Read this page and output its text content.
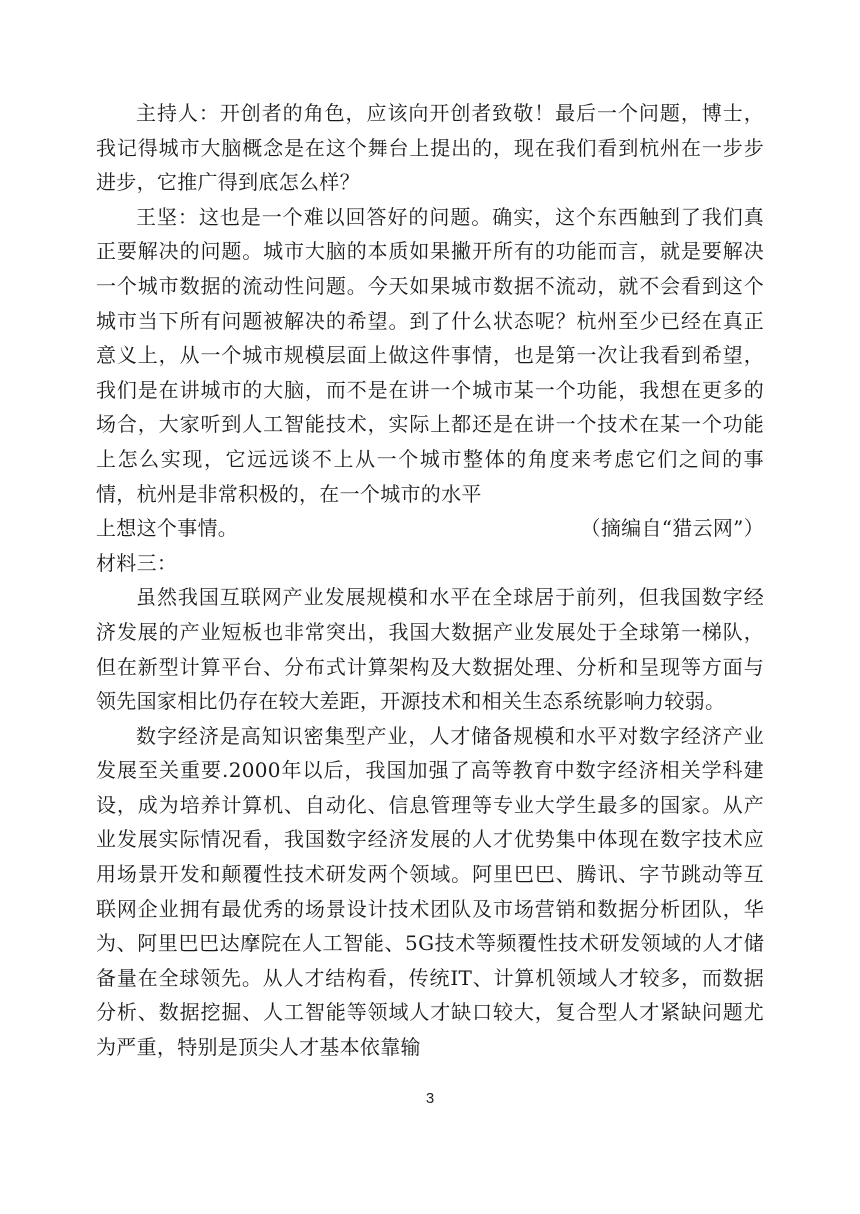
主持人：开创者的角色，应该向开创者致敬！最后一个问题，博士，我记得城市大脑概念是在这个舞台上提出的，现在我们看到杭州在一步步进步，它推广得到底怎么样？

王坚：这也是一个难以回答好的问题。确实，这个东西触到了我们真正要解决的问题。城市大脑的本质如果撇开所有的功能而言，就是要解决一个城市数据的流动性问题。今天如果城市数据不流动，就不会看到这个城市当下所有问题被解决的希望。到了什么状态呢？杭州至少已经在真正意义上，从一个城市规模层面上做这件事情，也是第一次让我看到希望，我们是在讲城市的大脑，而不是在讲一个城市某一个功能，我想在更多的场合，大家听到人工智能技术，实际上都还是在讲一个技术在某一个功能上怎么实现，它远远谈不上从一个城市整体的角度来考虑它们之间的事情，杭州是非常积极的，在一个城市的水平

上想这个事情。	（摘编自“猎云网”）

材料三：

虽然我国互联网产业发展规模和水平在全球居于前列，但我国数字经济发展的产业短板也非常突出，我国大数据产业发展处于全球第一梯队，但在新型计算平台、分布式计算架构及大数据处理、分析和呈现等方面与领先国家相比仍存在较大差距，开源技术和相关生态系统影响力较弱。

数字经济是高知识密集型产业，人才储备规模和水平对数字经济产业发展至关重要.2000年以后，我国加强了高等教育中数字经济相关学科建设，成为培养计算机、自动化、信息管理等专业大学生最多的国家。从产业发展实际情况看，我国数字经济发展的人才优势集中体现在数字技术应用场景开发和颠覆性技术研发两个领域。阿里巴巴、腾讯、字节跳动等互联网企业拥有最优秀的场景设计技术团队及市场营销和数据分析团队，华为、阿里巴巴达摩院在人工智能、5G技术等频覆性技术研发领域的人才储备量在全球领先。从人才结构看，传统IT、计算机领域人才较多，而数据分析、数据挖掘、人工智能等领域人才缺口较大，复合型人才紧缺问题尤为严重，特别是顶尖人才基本依靠输

3
